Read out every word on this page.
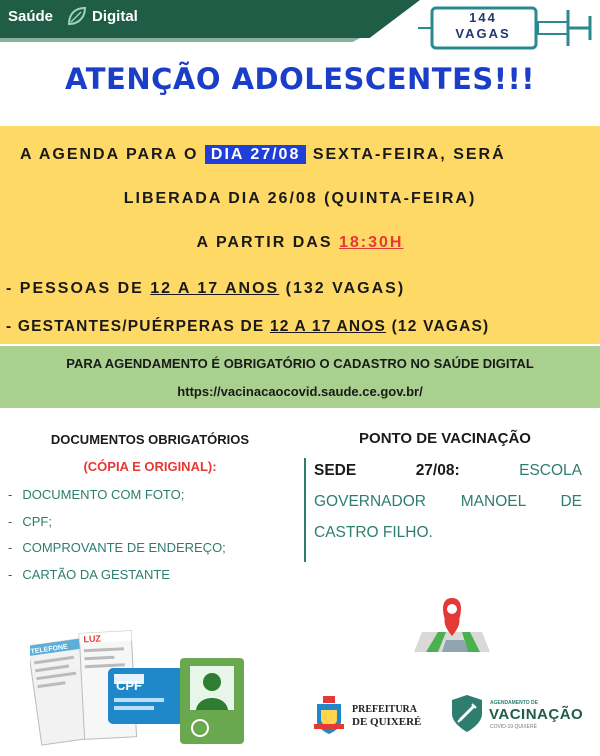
Saúde	Digital	144
VAGAS
ATENÇÃO ADOLESCENTES!!!
A AGENDA PARA O DIA 27/08 SEXTA-FEIRA, SERÁ
LIBERADA DIA 26/08 (QUINTA-FEIRA)
A PARTIR DAS 18:30H
- PESSOAS DE 12 A 17 ANOS (132 VAGAS)
- GESTANTES/PUÉRPERAS DE 12 A 17 ANOS (12 VAGAS)
PARA AGENDAMENTO É OBRIGATÓRIO O CADASTRO NO SAÚDE DIGITAL
https://vacinacaocovid.saude.ce.gov.br/
DOCUMENTOS OBRIGATÓRIOS
(CÓPIA E ORIGINAL):
- DOCUMENTO COM FOTO;
- CPF;
- COMPROVANTE DE ENDEREÇO;
- CARTÃO DA GESTANTE
PONTO DE VACINAÇÃO
SEDE	27/08:	ESCOLA
GOVERNADOR MANOEL DE
CASTRO FILHO.
TELEFONE
LUZ
CPF
PREFEITURA
DE QUIXERÉ
AGENDAMENTO DE
VACINAÇÃO
COVID-19 QUIXERÉ
